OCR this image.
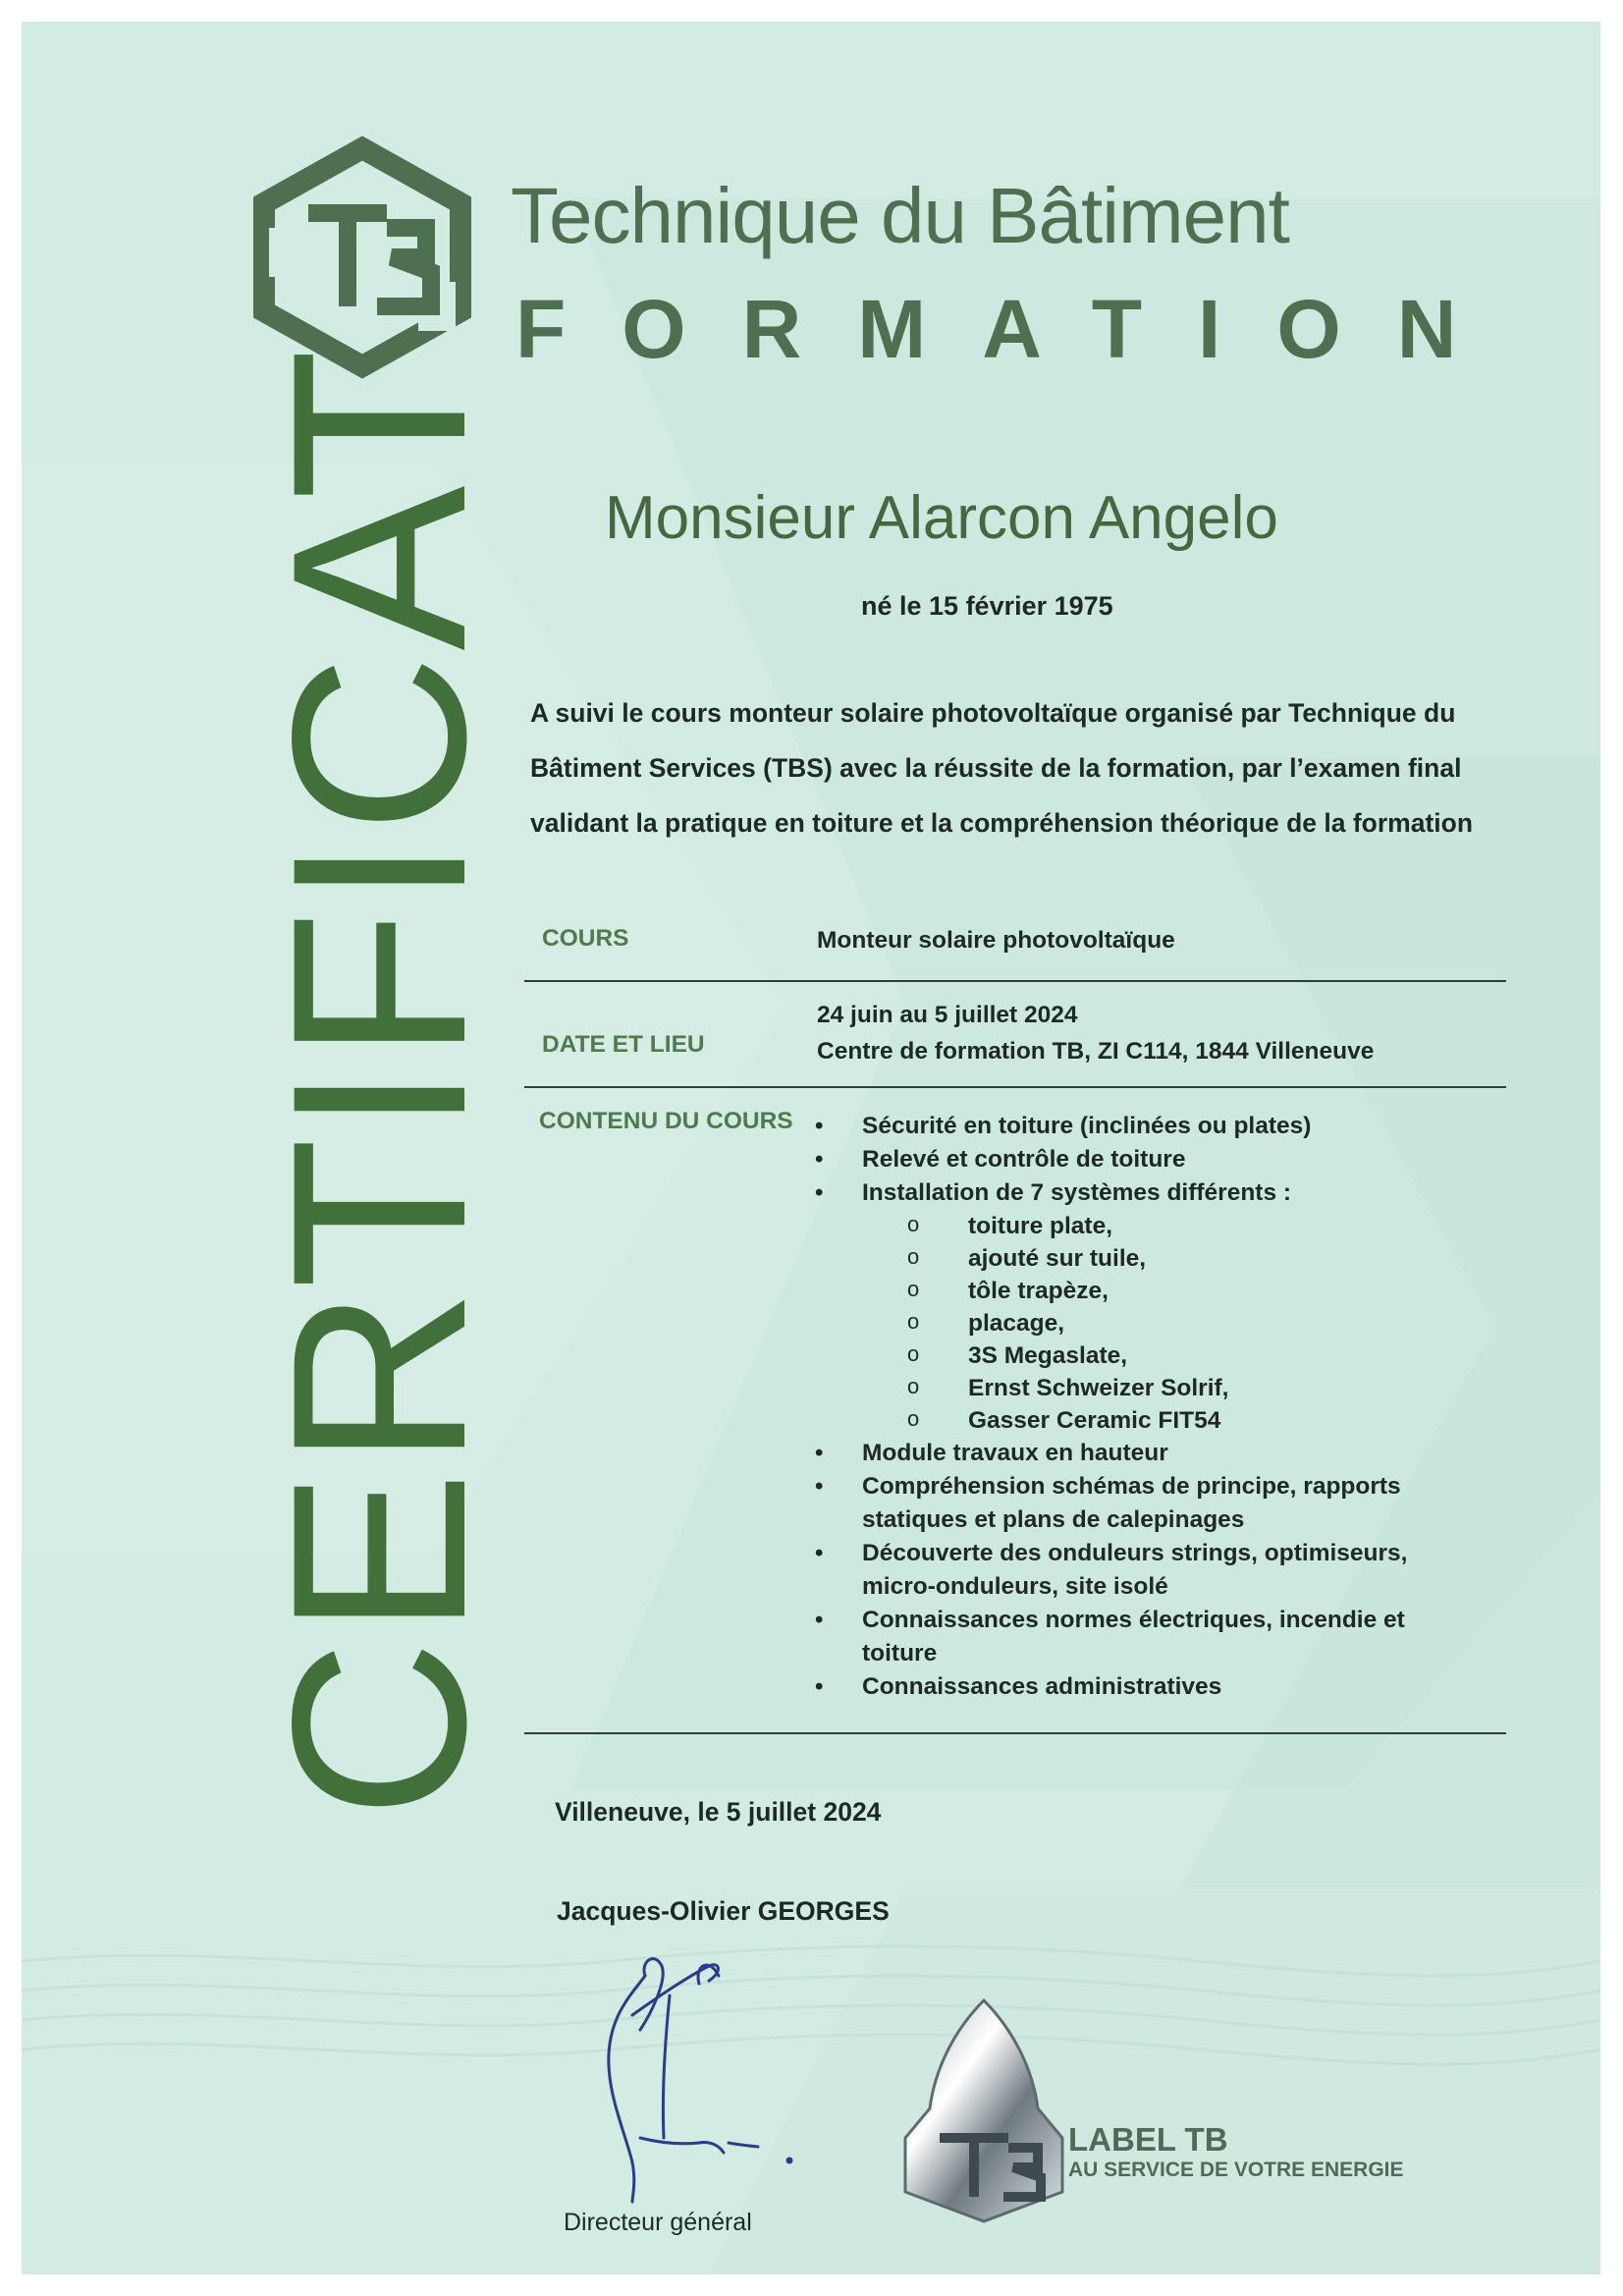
Technique du Bâtiment
FORMATION
CERTIFICAT Monsieur Alarcon Angelo
né le 15 février 1975

A suivi le cours monteur solaire photovoltaïque organisé par Technique du
Bâtiment Services (TBS) avec la réussite de la formation, par l’examen final
validant la pratique en toiture et la compréhension théorique de la formation

COURS	Monteur solaire photovoltaïque
DATE ET LIEU
24 juin au 5 juillet 2024
Centre de formation TB, ZI C114, 1844 Villeneuve
CONTENU DU COURS
•	Sécurité en toiture (inclinées ou plates)
• Relevé et contrôle de toiture
• Installation de 7 systèmes différents :
o toiture plate,
o ajouté sur tuile,
o tôle trapèze,
o placage,
o 3S Megaslate,
o Ernst Schweizer Solrif,
o Gasser Ceramic FIT54
• Module travaux en hauteur
• Compréhension schémas de principe, rapports
statiques et plans de calepinages
• Découverte des onduleurs strings, optimiseurs,
micro-onduleurs, site isolé
• Connaissances normes électriques, incendie et
toiture
• Connaissances administratives
Villeneuve, le 5 juillet 2024
Jacques-Olivier GEORGES
Directeur général
LABEL TB
AU SERVICE DE VOTRE ENERGIE
